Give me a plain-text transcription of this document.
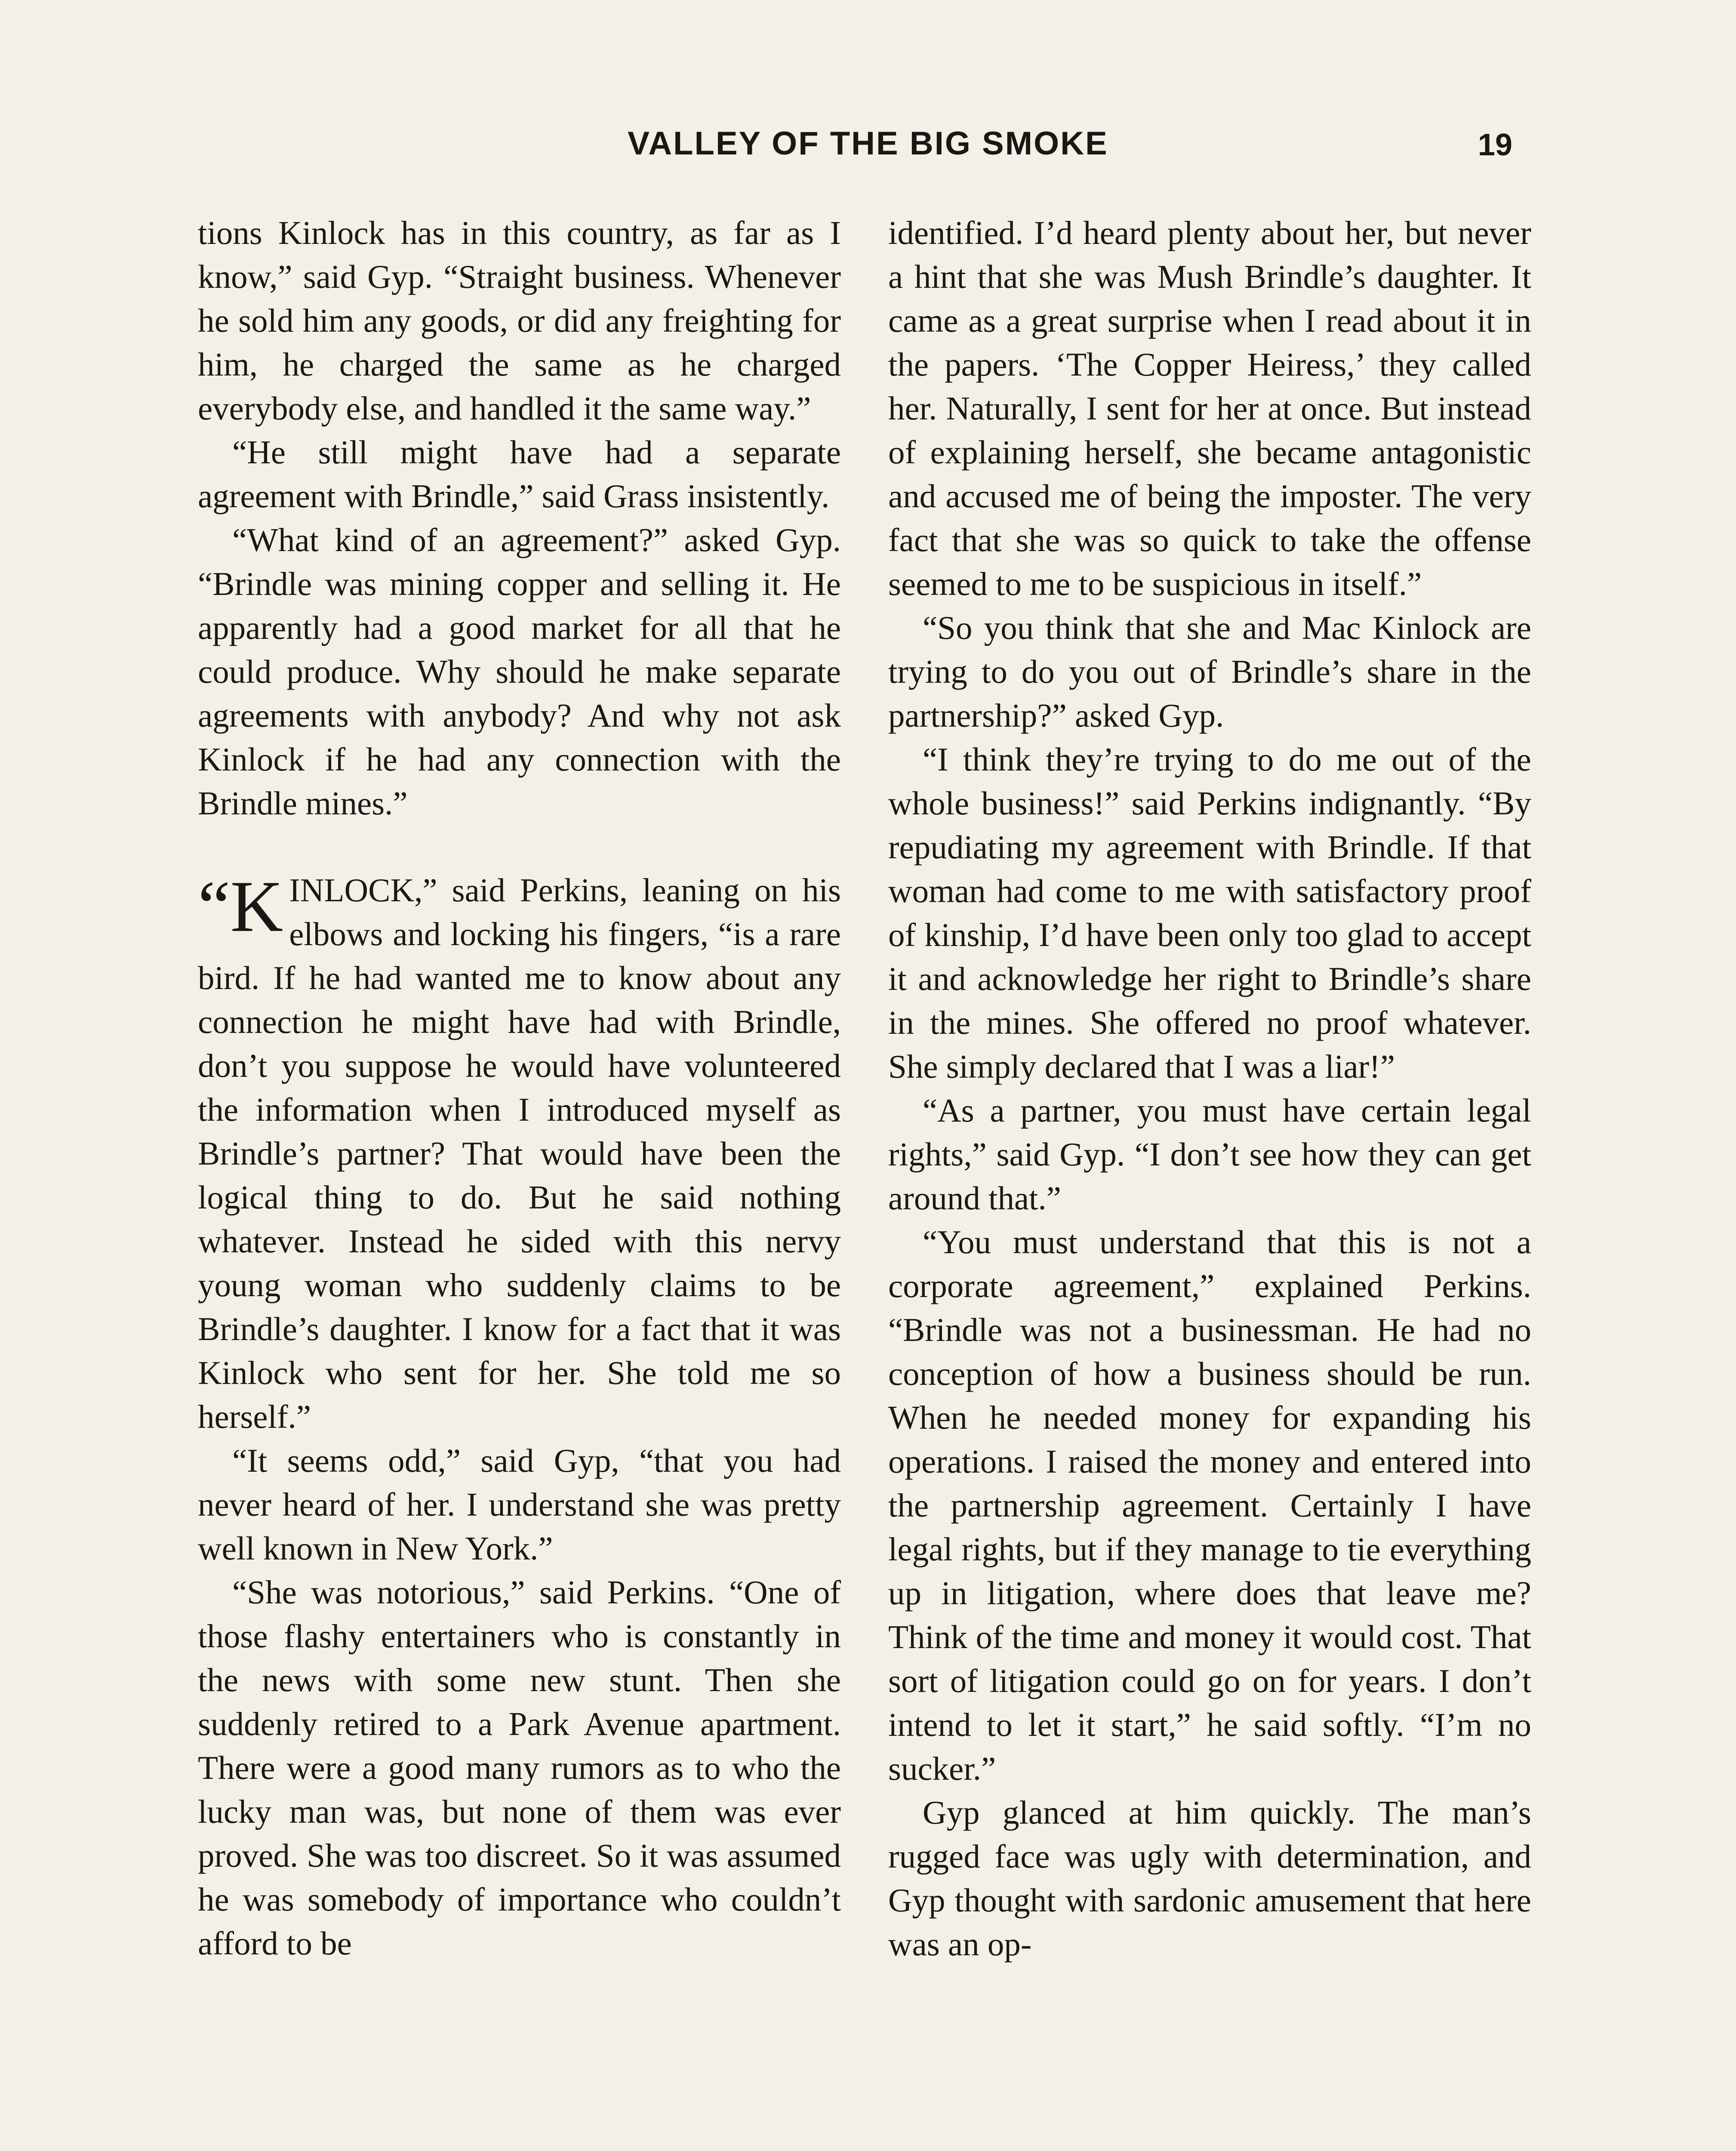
VALLEY OF THE BIG SMOKE	19

tions Kinlock has in this country, as far as I know,” said Gyp. “Straight business. Whenever he sold him any goods, or did any freighting for him, he charged the same as he charged everybody else, and handled it the same way.”

“He still might have had a separate agreement with Brindle,” said Grass insistently.

“What kind of an agreement?” asked Gyp. “Brindle was mining copper and selling it. He apparently had a good market for all that he could produce. Why should he make separate agreements with anybody? And why not ask Kinlock if he had any connection with the Brindle mines.”

“K INLOCK,” said Perkins, leaning on his elbows and locking his fingers, “is a rare bird. If he had wanted me to know about any connection he might have had with Brindle, don’t you suppose he would have volunteered the information when I introduced myself as Brindle’s partner? That would have been the logical thing to do. But he said nothing whatever. Instead he sided with this nervy young woman who suddenly claims to be Brindle’s daughter. I know for a fact that it was Kinlock who sent for her. She told me so herself.”

“It seems odd,” said Gyp, “that you had never heard of her. I understand she was pretty well known in New York.”

“She was notorious,” said Perkins. “One of those flashy entertainers who is constantly in the news with some new stunt. Then she suddenly retired to a Park Avenue apartment. There were a good many rumors as to who the lucky man was, but none of them was ever proved. She was too discreet. So it was assumed he was somebody of importance who couldn’t afford to be

identified. I’d heard plenty about her, but never a hint that she was Mush Brindle’s daughter. It came as a great surprise when I read about it in the papers. ‘The Copper Heiress,’ they called her. Naturally, I sent for her at once. But instead of explaining herself, she became antagonistic and accused me of being the imposter. The very fact that she was so quick to take the offense seemed to me to be suspicious in itself.”

“So you think that she and Mac Kinlock are trying to do you out of Brindle’s share in the partnership?” asked Gyp.

“I think they’re trying to do me out of the whole business!” said Perkins indignantly. “By repudiating my agreement with Brindle. If that woman had come to me with satisfactory proof of kinship, I’d have been only too glad to accept it and acknowledge her right to Brindle’s share in the mines. She offered no proof whatever. She simply declared that I was a liar!”

“As a partner, you must have certain legal rights,” said Gyp. “I don’t see how they can get around that.”

“You must understand that this is not a corporate agreement,” explained Perkins. “Brindle was not a businessman. He had no conception of how a business should be run. When he needed money for expanding his operations. I raised the money and entered into the partnership agreement. Certainly I have legal rights, but if they manage to tie everything up in litigation, where does that leave me? Think of the time and money it would cost. That sort of litigation could go on for years. I don’t intend to let it start,” he said softly. “I’m no sucker.”

Gyp glanced at him quickly. The man’s rugged face was ugly with determination, and Gyp thought with sardonic amusement that here was an op-
